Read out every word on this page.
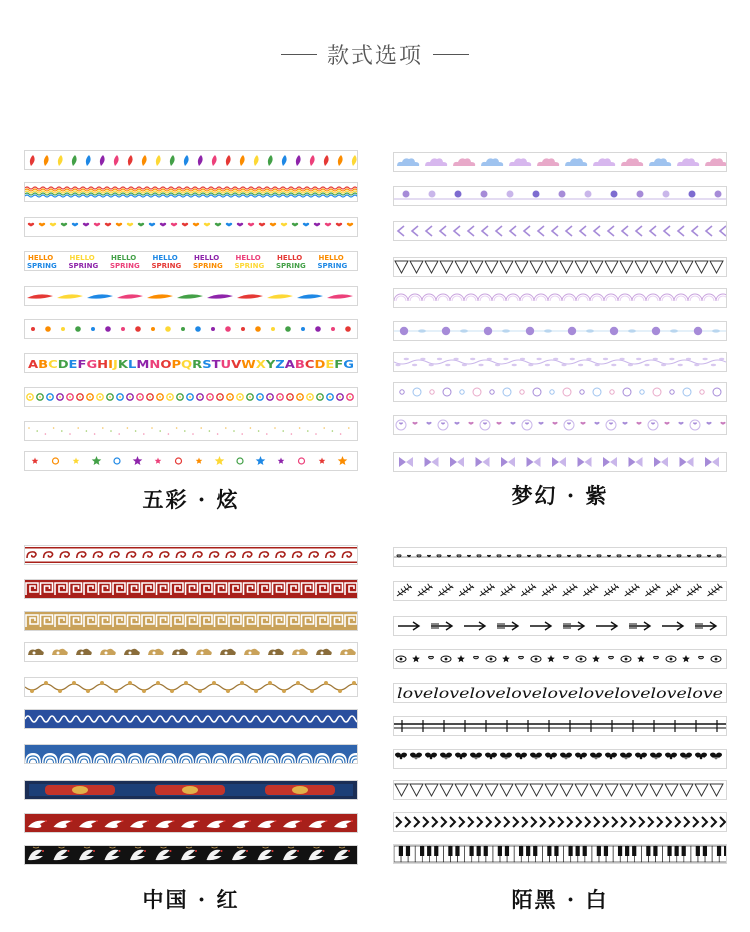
款式选项
HELLO
SPRING
HELLO
SPRING
HELLO
SPRING
HELLO
SPRING
HELLO
SPRING
HELLO
SPRING
HELLO
SPRING
HELLO
SPRING
A B C D E F G H IJK L M N O P Q R S T U V W X Y Z A B C D E F G
lovelovelovelovelovelovelovelovelove
五彩 · 炫	梦幻 · 紫
中国 · 红	陌黑 · 白
